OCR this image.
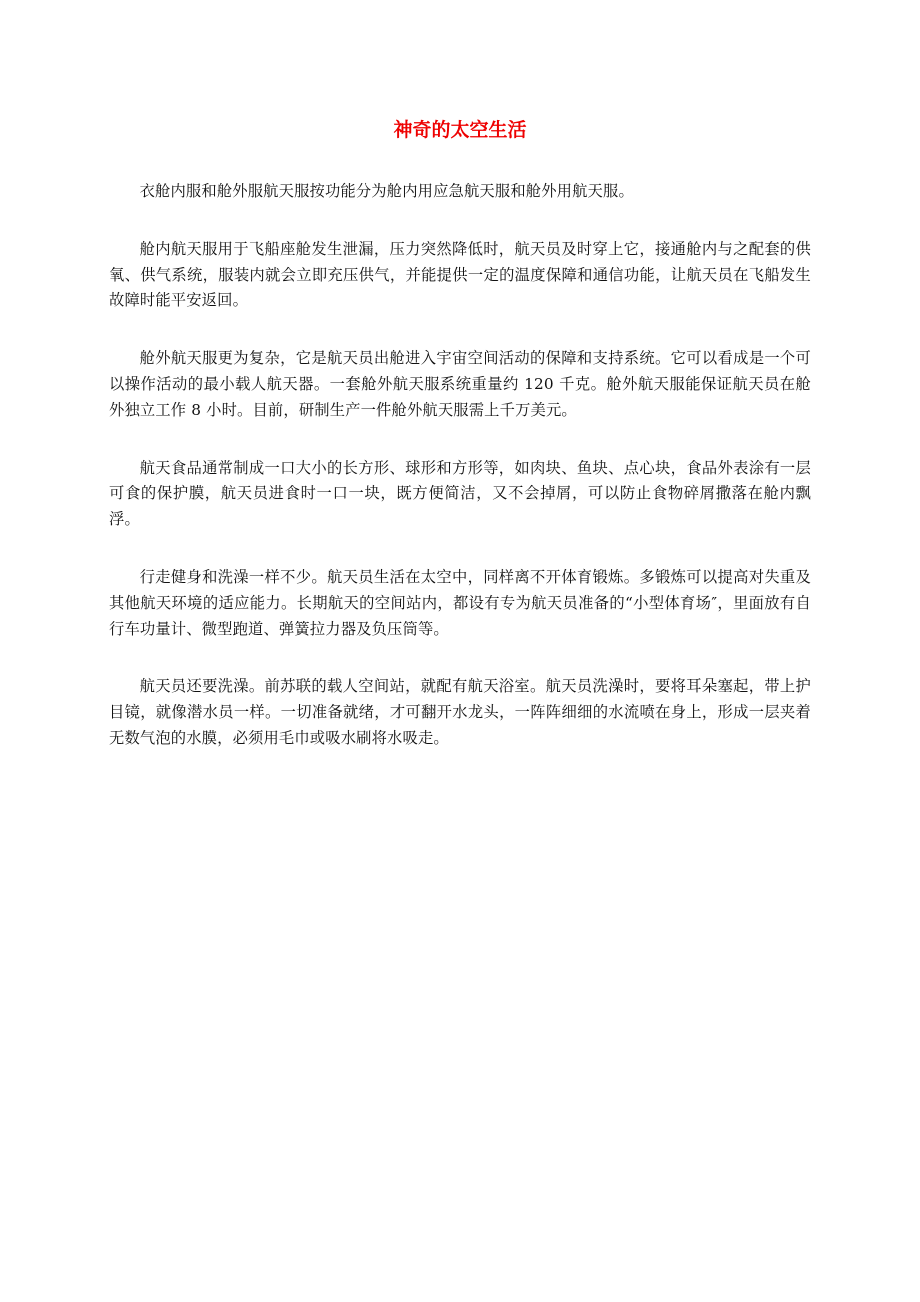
神奇的太空生活

衣舱内服和舱外服航天服按功能分为舱内用应急航天服和舱外用航天服。

舱内航天服用于飞船座舱发生泄漏，压力突然降低时，航天员及时穿上它，接通舱内与之配套的供氧、供气系统，服装内就会立即充压供气，并能提供一定的温度保障和通信功能，让航天员在飞船发生故障时能平安返回。

舱外航天服更为复杂，它是航天员出舱进入宇宙空间活动的保障和支持系统。它可以看成是一个可以操作活动的最小载人航天器。一套舱外航天服系统重量约 120 千克。舱外航天服能保证航天员在舱外独立工作 8 小时。目前，研制生产一件舱外航天服需上千万美元。

航天食品通常制成一口大小的长方形、球形和方形等，如肉块、鱼块、点心块，食品外表涂有一层可食的保护膜，航天员进食时一口一块，既方便简洁，又不会掉屑，可以防止食物碎屑撒落在舱内飘浮。

行走健身和洗澡一样不少。航天员生活在太空中，同样离不开体育锻炼。多锻炼可以提高对失重及其他航天环境的适应能力。长期航天的空间站内，都设有专为航天员准备的“小型体育场″，里面放有自行车功量计、微型跑道、弹簧拉力器及负压筒等。

航天员还要洗澡。前苏联的载人空间站，就配有航天浴室。航天员洗澡时，要将耳朵塞起，带上护目镜，就像潜水员一样。一切准备就绪，才可翻开水龙头，一阵阵细细的水流喷在身上，形成一层夹着无数气泡的水膜，必须用毛巾或吸水刷将水吸走。
